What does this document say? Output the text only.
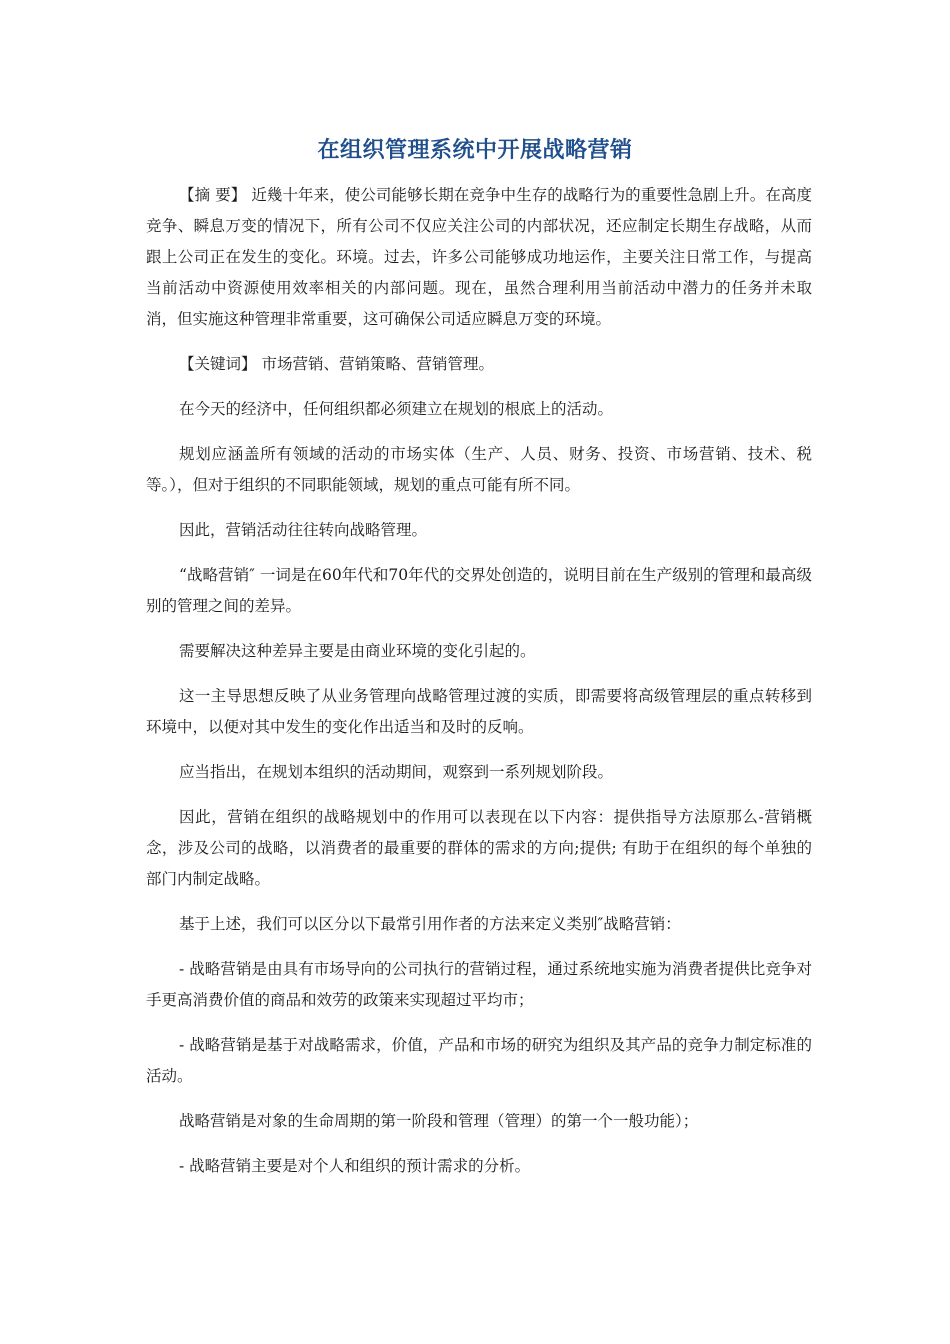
在组织管理系统中开展战略营销

【摘 要】 近幾十年来，使公司能够长期在竞争中生存的战略行为的重要性急剧上升。在高度竞争、瞬息万变的情况下，所有公司不仅应关注公司的内部状况，还应制定长期生存战略，从而跟上公司正在发生的变化。环境。过去，许多公司能够成功地运作，主要关注日常工作，与提高当前活动中资源使用效率相关的内部问题。现在，虽然合理利用当前活动中潜力的任务并未取消，但实施这种管理非常重要，这可确保公司适应瞬息万变的环境。

【关键词】 市场营销、营销策略、营销管理。

在今天的经济中，任何组织都必须建立在规划的根底上的活动。

规划应涵盖所有领域的活动的市场实体（生产、人员、财务、投资、市场营销、技术、税等。），但对于组织的不同职能领域，规划的重点可能有所不同。

因此，营销活动往往转向战略管理。

“战略营销″ 一词是在60年代和70年代的交界处创造的，说明目前在生产级别的管理和最高级别的管理之间的差异。

需要解决这种差异主要是由商业环境的变化引起的。

这一主导思想反映了从业务管理向战略管理过渡的实质，即需要将高级管理层的重点转移到环境中，以便对其中发生的变化作出适当和及时的反响。

应当指出，在规划本组织的活动期间，观察到一系列规划阶段。

因此，营销在组织的战略规划中的作用可以表现在以下内容：提供指导方法原那么-营销概念，涉及公司的战略，以消费者的最重要的群体的需求的方向;提供; 有助于在组织的每个单独的部门内制定战略。

基于上述，我们可以区分以下最常引用作者的方法来定义类别″战略营销：

- 战略营销是由具有市场导向的公司执行的营销过程，通过系统地实施为消费者提供比竞争对手更高消费价值的商品和效劳的政策来实现超过平均市；

- 战略营销是基于对战略需求，价值，产品和市场的研究为组织及其产品的竞争力制定标准的活动。

战略营销是对象的生命周期的第一阶段和管理（管理）的第一个一般功能）；

- 战略营销主要是对个人和组织的预计需求的分析。
